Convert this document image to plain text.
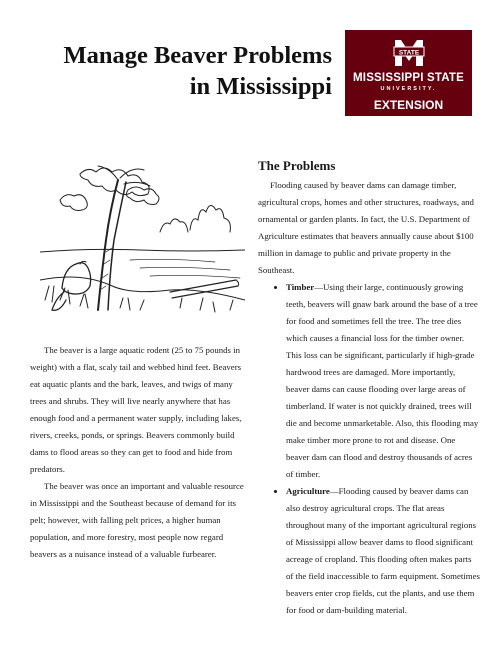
Manage Beaver Problems
in Mississippi
STATE
MISSISSIPPI STATE
UNIVERSITY.
EXTENSION

The beaver is a large aquatic rodent (25 to 75 pounds in weight) with a flat, scaly tail and webbed hind feet. Beavers eat aquatic plants and the bark, leaves, and twigs of many trees and shrubs. They will live nearly anywhere that has enough food and a permanent water supply, including lakes, rivers, creeks, ponds, or springs. Beavers commonly build dams to flood areas so they can get to food and hide from predators.

The beaver was once an important and valuable resource in Mississippi and the Southeast because of demand for its pelt; however, with falling pelt prices, a higher human population, and more forestry, most people now regard beavers as a nuisance instead of a valuable furbearer.

The Problems

Flooding caused by beaver dams can damage timber, agricultural crops, homes and other structures, roadways, and ornamental or garden plants. In fact, the U.S. Department of Agriculture estimates that beavers annually cause about $100 million in damage to public and private property in the Southeast.

• Timber—Using their large, continuously growing teeth, beavers will gnaw bark around the base of a tree for food and sometimes fell the tree. The tree dies which causes a financial loss for the timber owner. This loss can be significant, particularly if high-grade hardwood trees are damaged. More importantly, beaver dams can cause flooding over large areas of timberland. If water is not quickly drained, trees will die and become unmarketable. Also, this flooding may make timber more prone to rot and disease. One beaver dam can flood and destroy thousands of acres of timber.
• Agriculture—Flooding caused by beaver dams can also destroy agricultural crops. The flat areas throughout many of the important agricultural regions of Mississippi allow beaver dams to flood significant acreage of cropland. This flooding often makes parts of the field inaccessible to farm equipment. Sometimes beavers enter crop fields, cut the plants, and use them for food or dam-building material.
